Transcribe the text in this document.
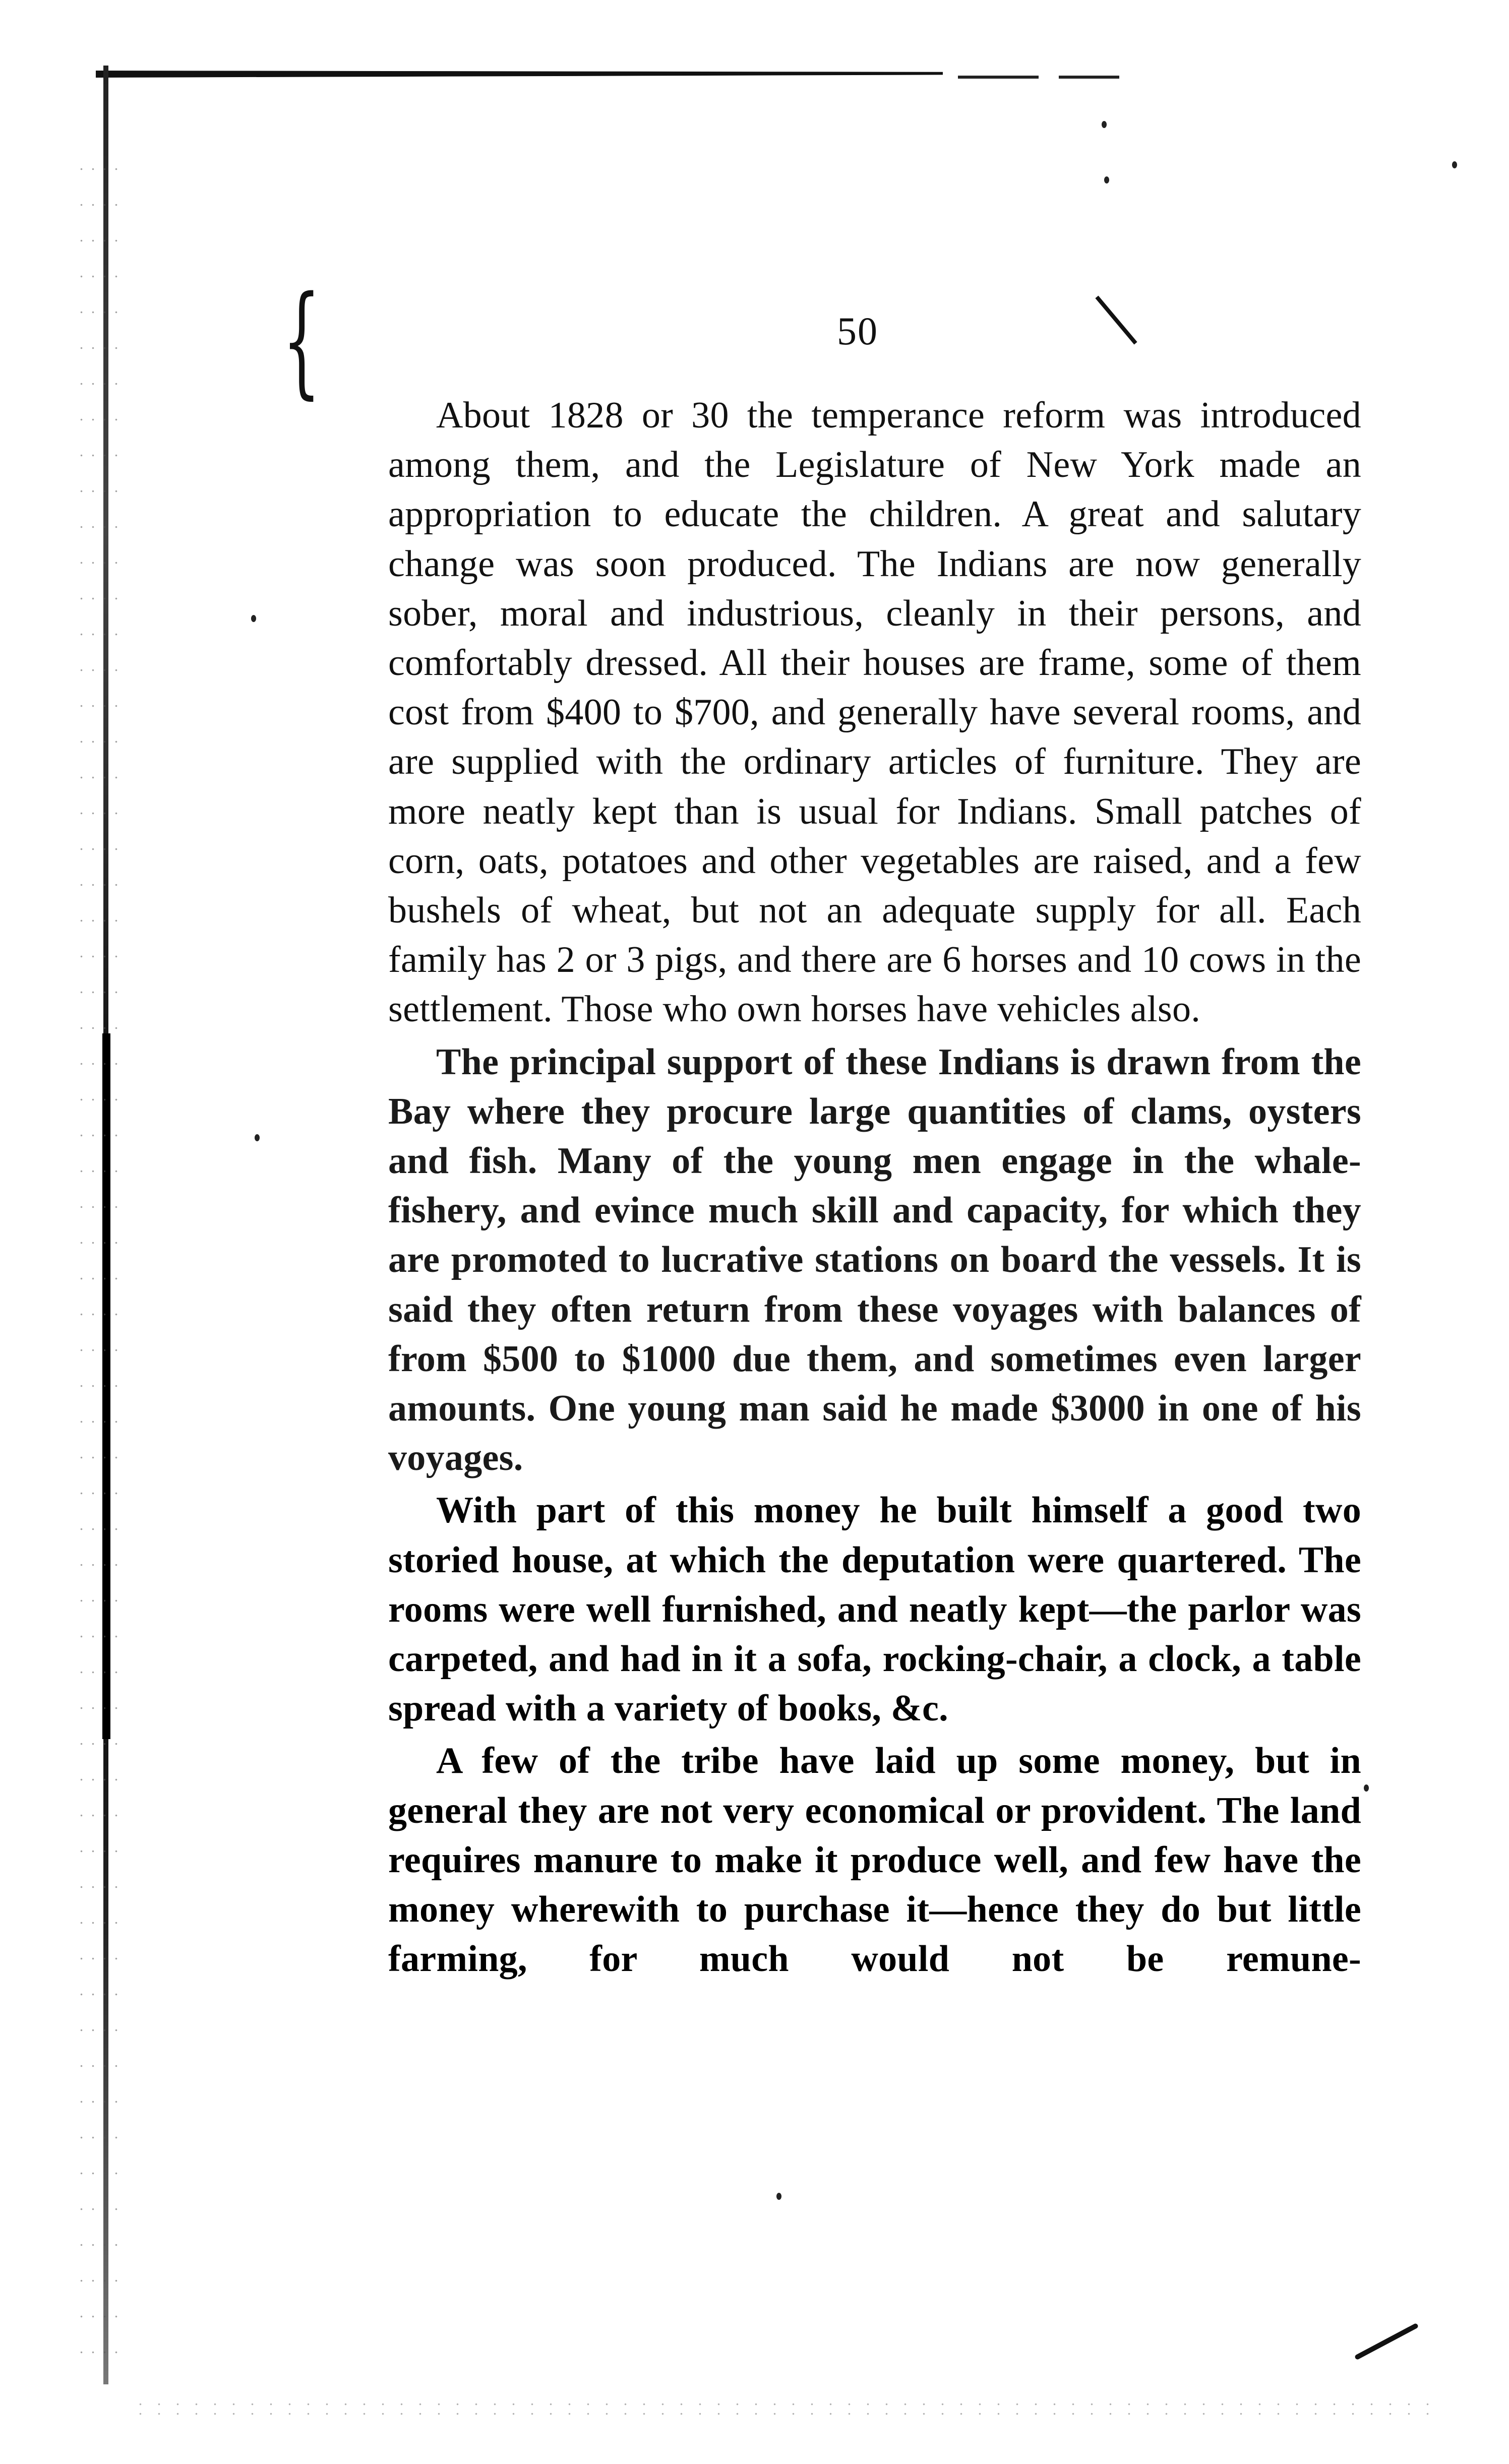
{	50

About 1828 or 30 the temperance reform was introduced among them, and the Legislature of New York made an appropriation to educate the children. A great and salutary change was soon produced. The Indians are now generally sober, moral and industrious, cleanly in their persons, and comfortably dressed. All their houses are frame, some of them cost from $400 to $700, and generally have several rooms, and are supplied with the ordinary articles of furniture. They are more neatly kept than is usual for Indians. Small patches of corn, oats, potatoes and other vegetables are raised, and a few bushels of wheat, but not an adequate supply for all. Each family has 2 or 3 pigs, and there are 6 horses and 10 cows in the settlement. Those who own horses have vehicles also.

The principal support of these Indians is drawn from the Bay where they procure large quantities of clams, oysters and fish. Many of the young men engage in the whale-fishery, and evince much skill and capacity, for which they are promoted to lucrative stations on board the vessels. It is said they often return from these voyages with balances of from $500 to $1000 due them, and sometimes even larger amounts. One young man said he made $3000 in one of his voyages.

With part of this money he built himself a good two storied house, at which the deputation were quartered. The rooms were well furnished, and neatly kept—the parlor was carpeted, and had in it a sofa, rocking-chair, a clock, a table spread with a variety of books, &c.

A few of the tribe have laid up some money, but in general they are not very economical or provident. The land requires manure to make it produce well, and few have the money wherewith to purchase it—hence they do but little farming, for much would not be remune-
